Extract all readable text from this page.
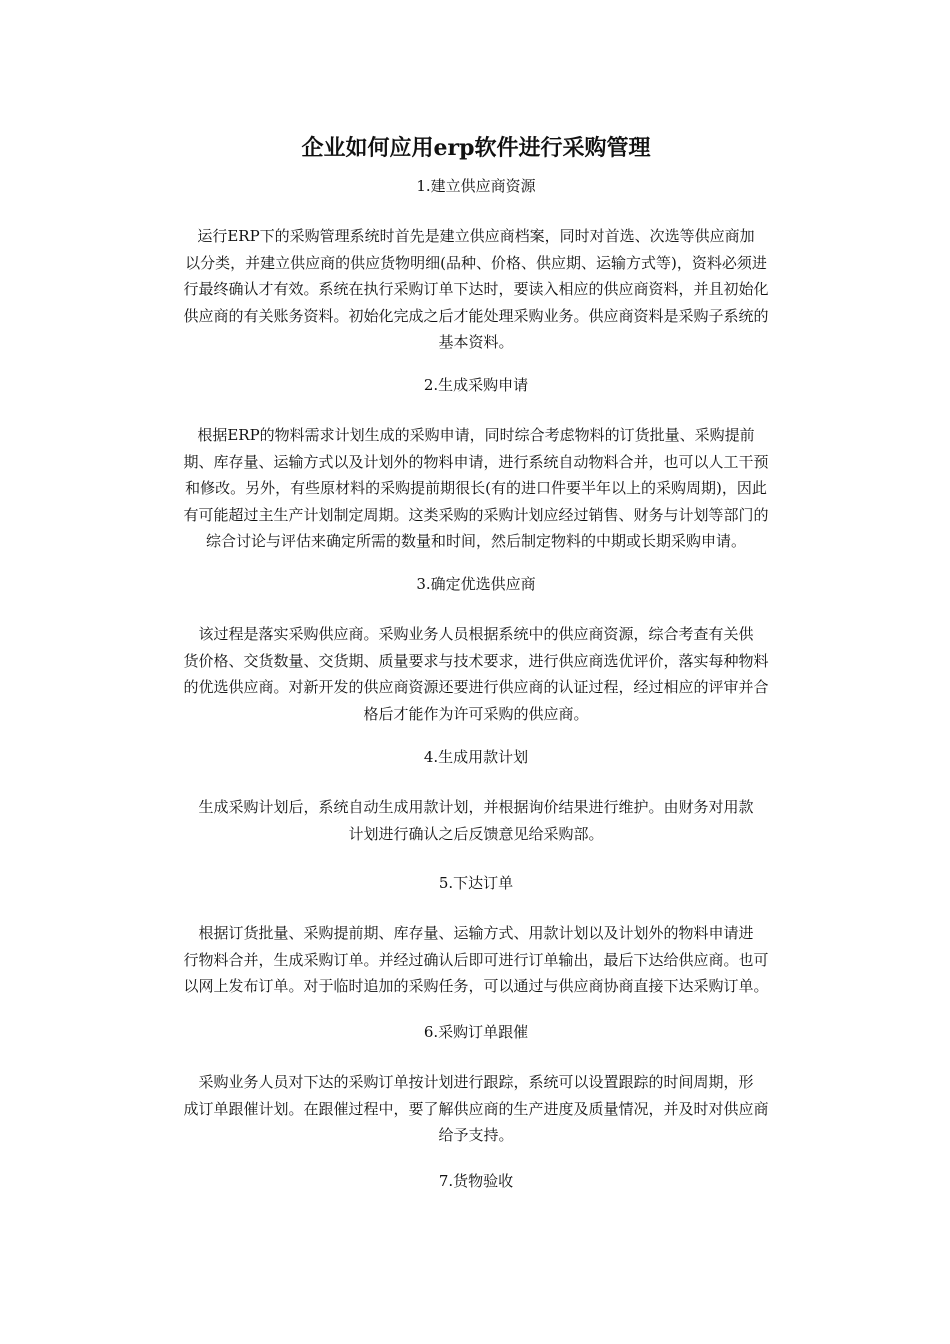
企业如何应用erp软件进行采购管理
1.建立供应商资源
运行ERP下的采购管理系统时首先是建立供应商档案，同时对首选、次选等供应商加
以分类，并建立供应商的供应货物明细(品种、价格、供应期、运输方式等)，资料必须进
行最终确认才有效。系统在执行采购订单下达时，要读入相应的供应商资料，并且初始化
供应商的有关账务资料。初始化完成之后才能处理采购业务。供应商资料是采购子系统的
基本资料。
2.生成采购申请
根据ERP的物料需求计划生成的采购申请，同时综合考虑物料的订货批量、采购提前
期、库存量、运输方式以及计划外的物料申请，进行系统自动物料合并，也可以人工干预
和修改。另外，有些原材料的采购提前期很长(有的进口件要半年以上的采购周期)，因此
有可能超过主生产计划制定周期。这类采购的采购计划应经过销售、财务与计划等部门的
综合讨论与评估来确定所需的数量和时间，然后制定物料的中期或长期采购申请。
3.确定优选供应商
该过程是落实采购供应商。采购业务人员根据系统中的供应商资源，综合考查有关供
货价格、交货数量、交货期、质量要求与技术要求，进行供应商选优评价，落实每种物料
的优选供应商。对新开发的供应商资源还要进行供应商的认证过程，经过相应的评审并合
格后才能作为许可采购的供应商。
4.生成用款计划
生成采购计划后，系统自动生成用款计划，并根据询价结果进行维护。由财务对用款
计划进行确认之后反馈意见给采购部。
5.下达订单
根据订货批量、采购提前期、库存量、运输方式、用款计划以及计划外的物料申请进
行物料合并，生成采购订单。并经过确认后即可进行订单输出，最后下达给供应商。也可
以网上发布订单。对于临时追加的采购任务，可以通过与供应商协商直接下达采购订单。
6.采购订单跟催
采购业务人员对下达的采购订单按计划进行跟踪，系统可以设置跟踪的时间周期，形
成订单跟催计划。在跟催过程中，要了解供应商的生产进度及质量情况，并及时对供应商
给予支持。
7.货物验收
